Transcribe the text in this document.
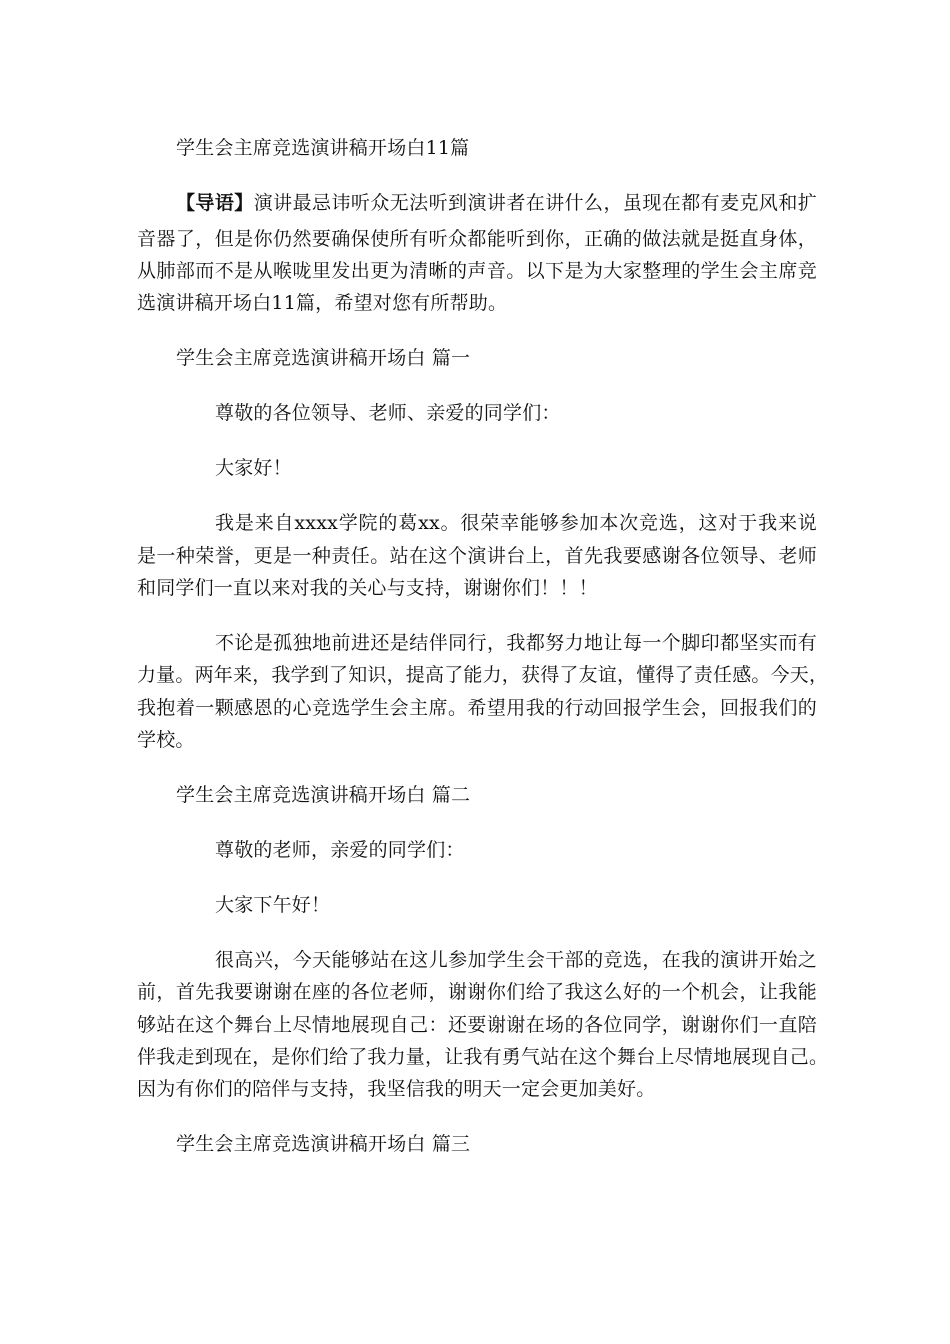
学生会主席竞选演讲稿开场白11篇
【导语】演讲最忌讳听众无法听到演讲者在讲什么，虽现在都有麦克风和扩
音器了，但是你仍然要确保使所有听众都能听到你，正确的做法就是挺直身体，
从肺部而不是从喉咙里发出更为清晰的声音。以下是为大家整理的学生会主席竞
选演讲稿开场白11篇，希望对您有所帮助。
学生会主席竞选演讲稿开场白 篇一
尊敬的各位领导、老师、亲爱的同学们：
大家好！
我是来自xxxx学院的葛xx。很荣幸能够参加本次竞选，这对于我来说
是一种荣誉，更是一种责任。站在这个演讲台上，首先我要感谢各位领导、老师
和同学们一直以来对我的关心与支持，谢谢你们！！！
不论是孤独地前进还是结伴同行，我都努力地让每一个脚印都坚实而有
力量。两年来，我学到了知识，提高了能力，获得了友谊，懂得了责任感。今天，
我抱着一颗感恩的心竞选学生会主席。希望用我的行动回报学生会，回报我们的
学校。
学生会主席竞选演讲稿开场白 篇二
尊敬的老师，亲爱的同学们：
大家下午好！
很高兴，今天能够站在这儿参加学生会干部的竞选，在我的演讲开始之
前，首先我要谢谢在座的各位老师，谢谢你们给了我这么好的一个机会，让我能
够站在这个舞台上尽情地展现自己：还要谢谢在场的各位同学，谢谢你们一直陪
伴我走到现在，是你们给了我力量，让我有勇气站在这个舞台上尽情地展现自己。
因为有你们的陪伴与支持，我坚信我的明天一定会更加美好。
学生会主席竞选演讲稿开场白 篇三
